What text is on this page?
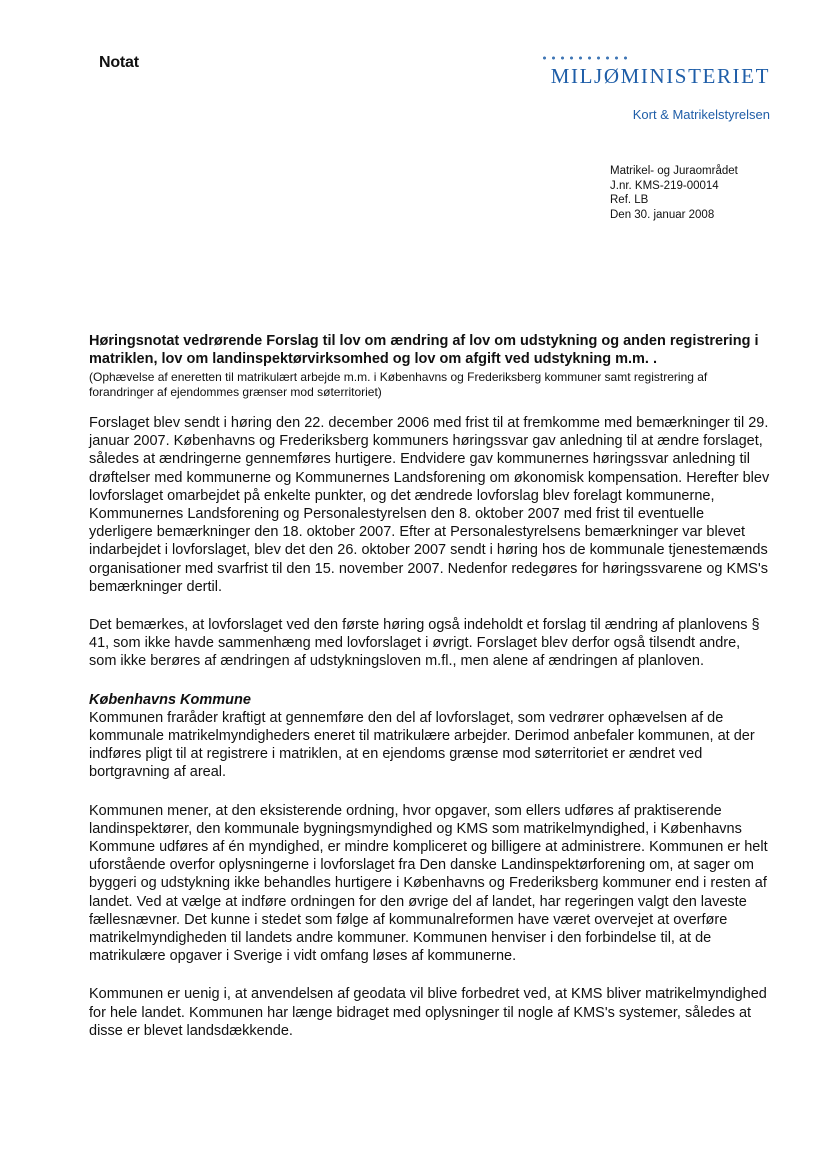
Notat
MILJØMINISTERIET
Kort & Matrikelstyrelsen
Matrikel- og Juraområdet
J.nr. KMS-219-00014
Ref. LB
Den 30. januar 2008

Høringsnotat vedrørende Forslag til lov om ændring af lov om udstykning og anden registrering i matriklen, lov om landinspektørvirksomhed og lov om afgift ved udstykning m.m. .

(Ophævelse af eneretten til matrikulært arbejde m.m. i Københavns og Frederiksberg kommuner samt registrering af forandringer af ejendommes grænser mod søterritoriet)

Forslaget blev sendt i høring den 22. december 2006 med frist til at fremkomme med bemærkninger til 29. januar 2007. Københavns og Frederiksberg kommuners høringssvar gav anledning til at ændre forslaget, således at ændringerne gennemføres hurtigere. Endvidere gav kommunernes høringssvar anledning til drøftelser med kommunerne og Kommunernes Landsforening om økonomisk kompensation. Herefter blev lovforslaget omarbejdet på enkelte punkter, og det ændrede lovforslag blev forelagt kommunerne, Kommunernes Landsforening og Personalestyrelsen den 8. oktober 2007 med frist til eventuelle yderligere bemærkninger den 18. oktober 2007. Efter at Personalestyrelsens bemærkninger var blevet indarbejdet i lovforslaget, blev det den 26. oktober 2007 sendt i høring hos de kommunale tjenestemænds organisationer med svarfrist til den 15. november 2007. Nedenfor redegøres for høringssvarene og KMS's bemærkninger dertil.

Det bemærkes, at lovforslaget ved den første høring også indeholdt et forslag til ændring af planlovens § 41, som ikke havde sammenhæng med lovforslaget i øvrigt. Forslaget blev derfor også tilsendt andre, som ikke berøres af ændringen af udstykningsloven m.fl., men alene af ændringen af planloven.

Københavns Kommune

Kommunen fraråder kraftigt at gennemføre den del af lovforslaget, som vedrører ophævelsen af de kommunale matrikelmyndigheders eneret til matrikulære arbejder. Derimod anbefaler kommunen, at der indføres pligt til at registrere i matriklen, at en ejendoms grænse mod søterritoriet er ændret ved bortgravning af areal.

Kommunen mener, at den eksisterende ordning, hvor opgaver, som ellers udføres af praktiserende landinspektører, den kommunale bygningsmyndighed og KMS som matrikelmyndighed, i Københavns Kommune udføres af én myndighed, er mindre kompliceret og billigere at administrere. Kommunen er helt uforstående overfor oplysningerne i lovforslaget fra Den danske Landinspektørforening om, at sager om byggeri og udstykning ikke behandles hurtigere i Københavns og Frederiksberg kommuner end i resten af landet. Ved at vælge at indføre ordningen for den øvrige del af landet, har regeringen valgt den laveste fællesnævner. Det kunne i stedet som følge af kommunalreformen have været overvejet at overføre matrikelmyndigheden til landets andre kommuner. Kommunen henviser i den forbindelse til, at de matrikulære opgaver i Sverige i vidt omfang løses af kommunerne.

Kommunen er uenig i, at anvendelsen af geodata vil blive forbedret ved, at KMS bliver matrikelmyndighed for hele landet. Kommunen har længe bidraget med oplysninger til nogle af KMS's systemer, således at disse er blevet landsdækkende.
